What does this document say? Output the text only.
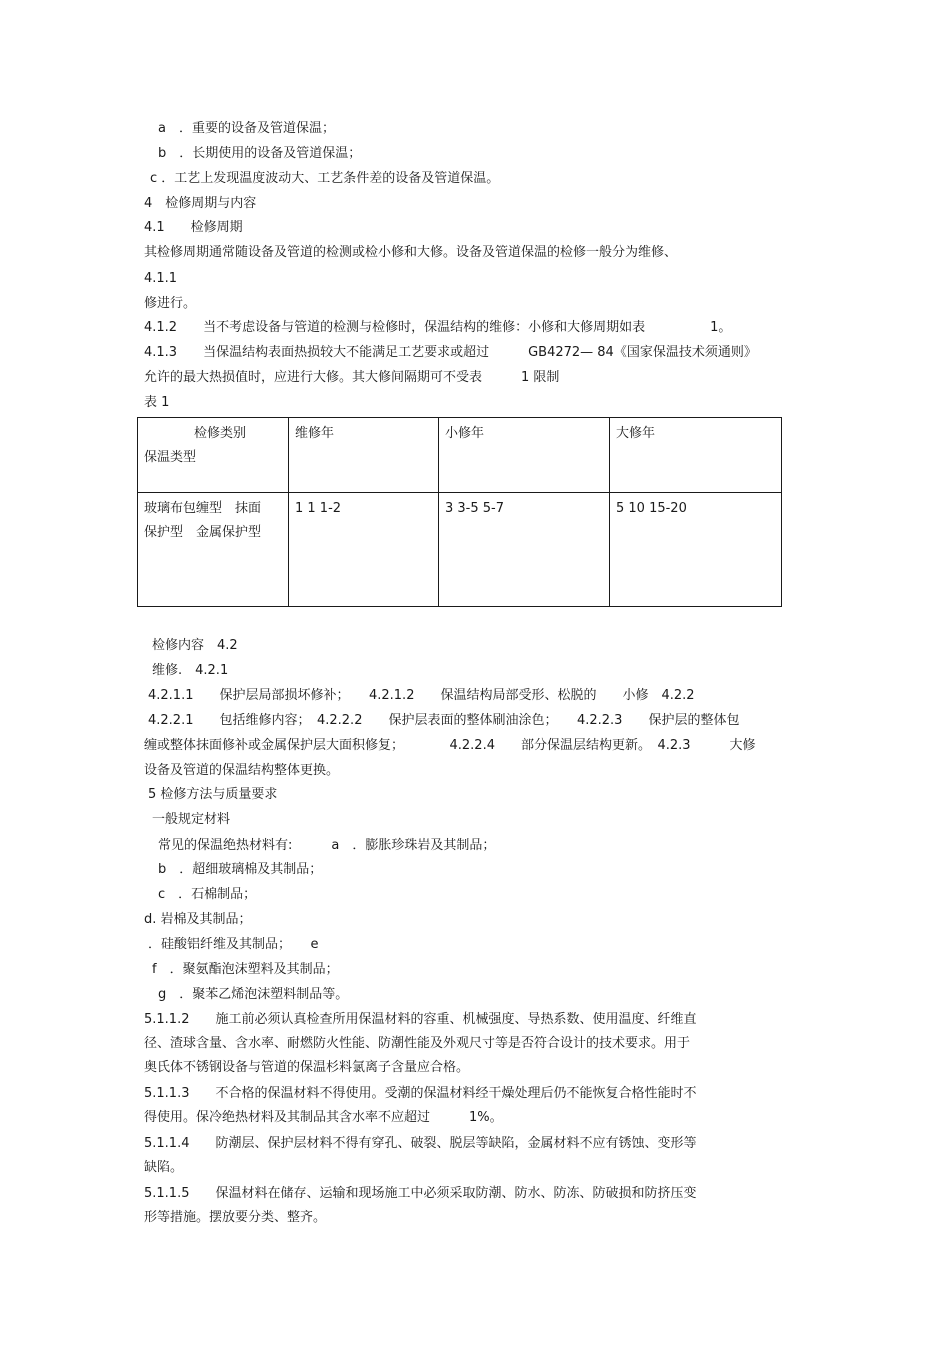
a　．重要的设备及管道保温；
b　．长期使用的设备及管道保温；
c ．工艺上发现温度波动大、工艺条件差的设备及管道保温。
4　检修周期与内容
4.1　　检修周期
其检修周期通常随设备及管道的检测或检小修和大修。设备及管道保温的检修一般分为维修、
4.1.1
修进行。
4.1.2　　当不考虑设备与管道的检测与检修时，保温结构的维修：小修和大修周期如表　　　　　1。
4.1.3　　当保温结构表面热损较大不能满足工艺要求或超过　　　GB4272— 84《国家保温技术须通则》
允许的最大热损值时，应进行大修。其大修间隔期可不受表　　　1 限制
表 1
检修类别
保温类型	维修年	小修年	大修年
玻璃布包缠型　抹面
保护型　金属保护型	1 1 1-2	3 3-5 5-7	5 10 15-20
检修内容　4.2
维修.　4.2.1
4.2.1.1　　保护层局部损坏修补；　　4.2.1.2　　保温结构局部受形、松脱的　　小修　4.2.2
4.2.2.1　　包括维修内容；　4.2.2.2　　保护层表面的整体刷油涂色；　　4.2.2.3　　保护层的整体包
缠或整体抹面修补或金属保护层大面积修复；　　　　4.2.2.4　　部分保温层结构更新。　4.2.3　　　大修
设备及管道的保温结构整体更换。
5 检修方法与质量要求
一般规定材料
常见的保温绝热材料有:　　　a　．膨胀珍珠岩及其制品；
b　．超细玻璃棉及其制品；
c　．石棉制品；
d. 岩棉及其制品；
．硅酸铝纤维及其制品；　　e
f　．聚氨酯泡沫塑料及其制品；
g　．聚苯乙烯泡沫塑料制品等。
5.1.1.2　　施工前必须认真检查所用保温材料的容重、机械强度、导热系数、使用温度、纤维直
径、渣球含量、含水率、耐燃防火性能、防潮性能及外观尺寸等是否符合设计的技术要求。用于
奥氏体不锈钢设备与管道的保温杉料氯离子含量应合格。
5.1.1.3　　不合格的保温材料不得使用。受潮的保温材料经干燥处理后仍不能恢复合格性能时不
得使用。保冷绝热材料及其制品其含水率不应超过　　　1%。
5.1.1.4　　防潮层、保护层材料不得有穿孔、破裂、脱层等缺陷，金属材料不应有锈蚀、变形等
缺陷。
5.1.1.5　　保温材料在储存、运输和现场施工中必须采取防潮、防水、防冻、防破损和防挤压变
形等措施。摆放要分类、整齐。
